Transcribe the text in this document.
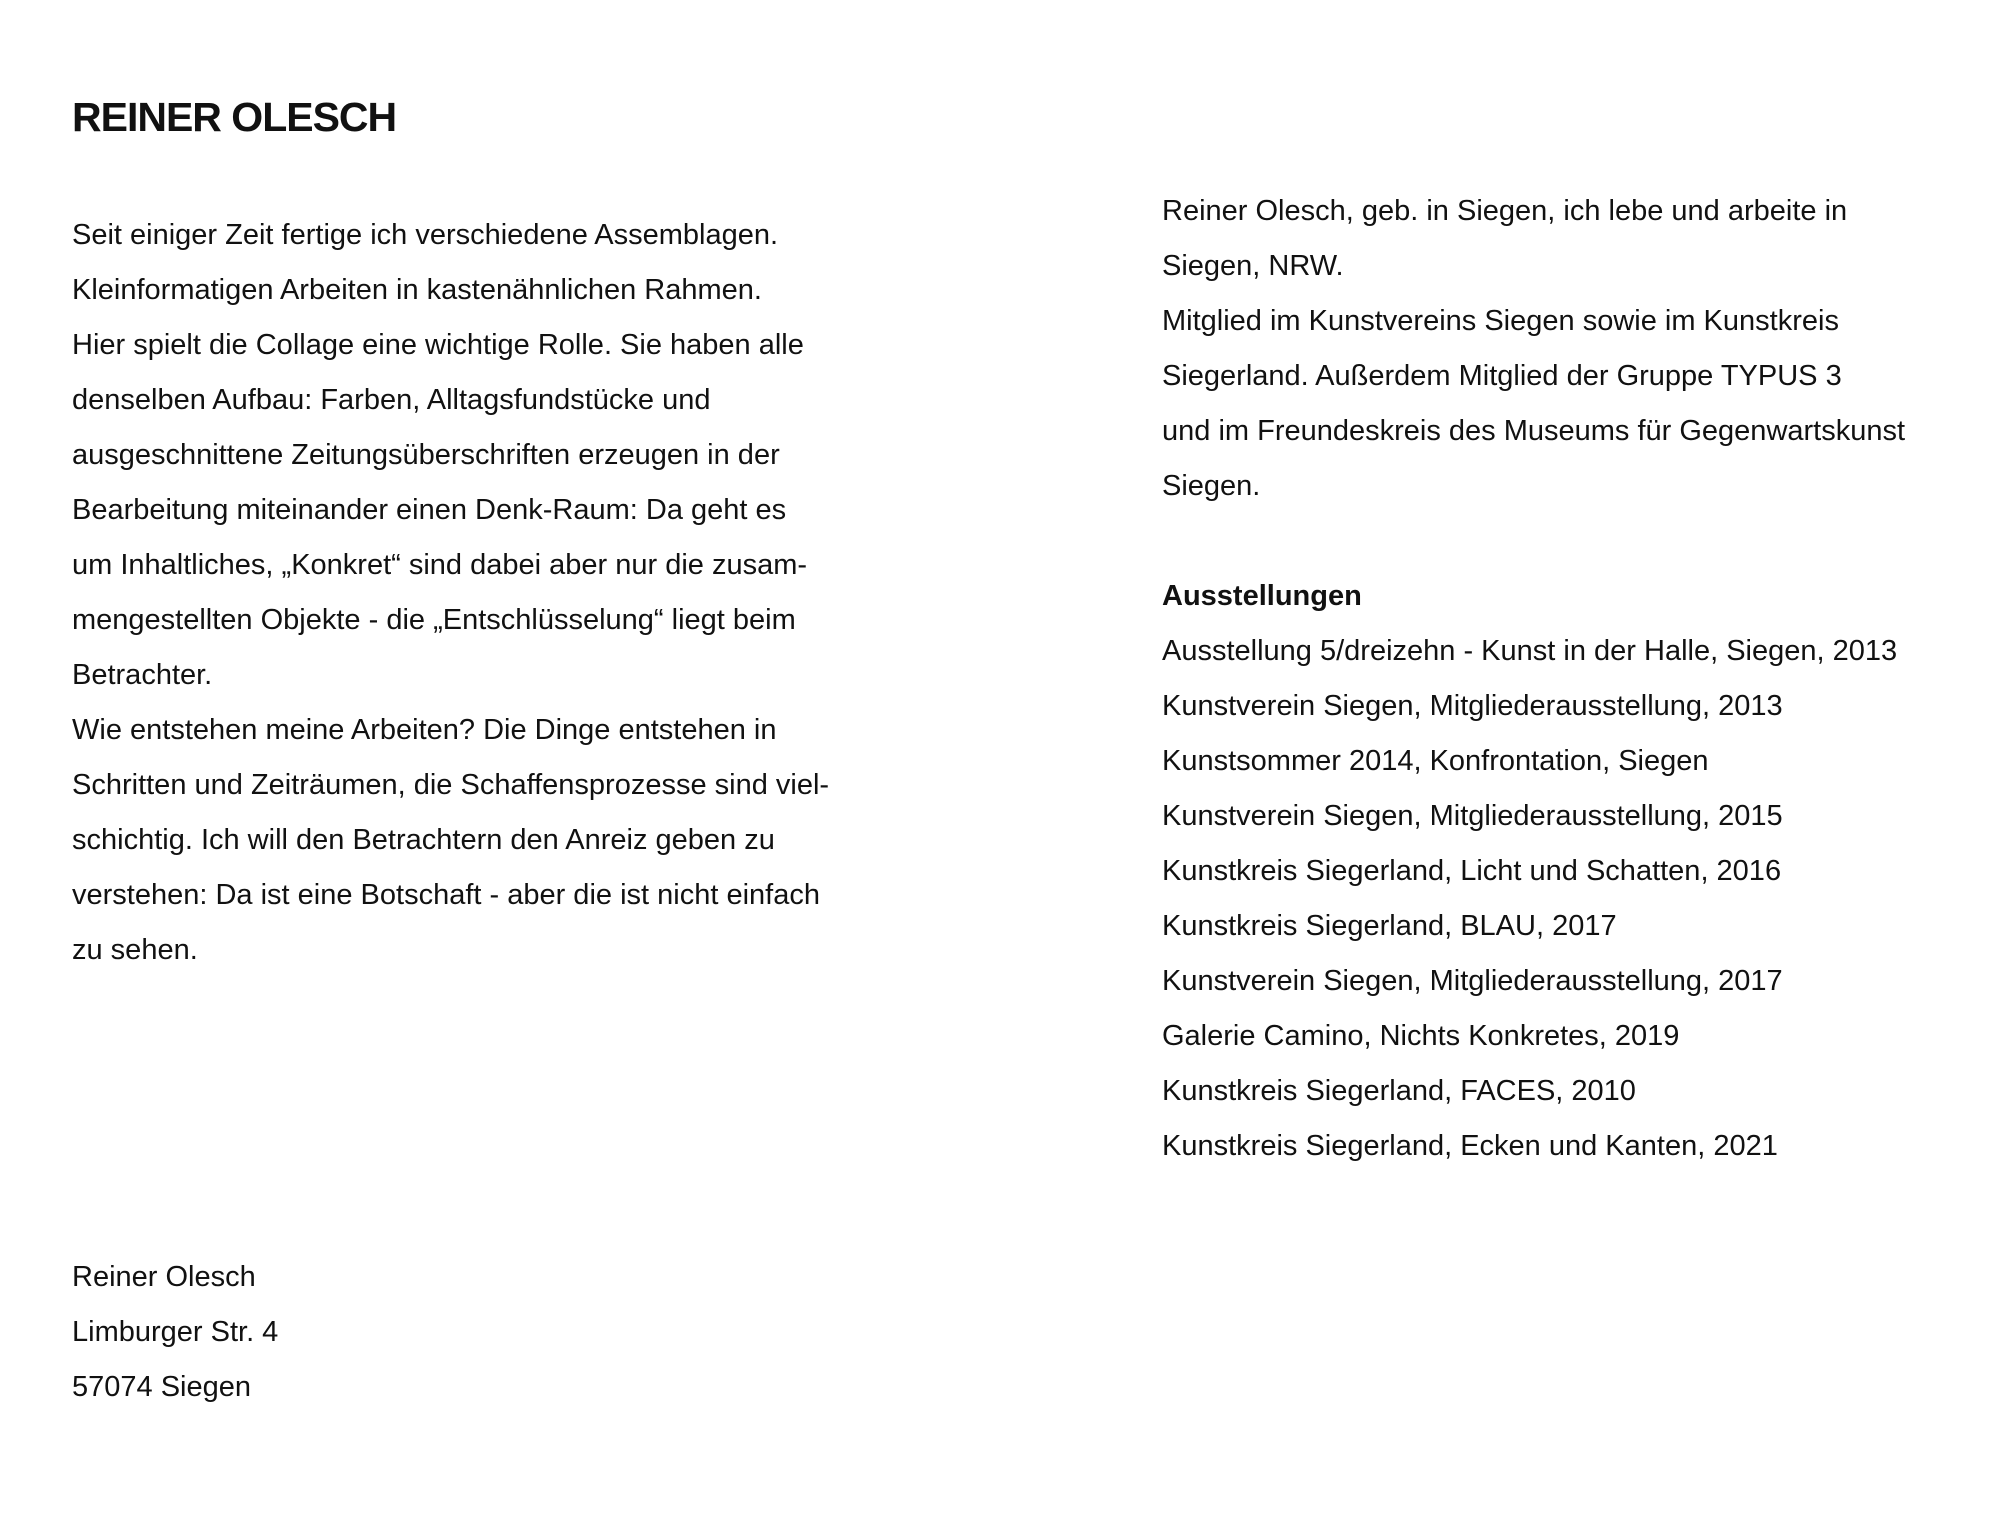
REINER OLESCH
Seit einiger Zeit fertige ich verschiedene Assemblagen.
Kleinformatigen Arbeiten in kastenähnlichen Rahmen.
Hier spielt die Collage eine wichtige Rolle. Sie haben alle
denselben Aufbau: Farben, Alltagsfundstücke und
ausgeschnittene Zeitungsüberschriften erzeugen in der
Bearbeitung miteinander einen Denk-Raum: Da geht es
um Inhaltliches, „Konkret“ sind dabei aber nur die zusam-
mengestellten Objekte - die „Entschlüsselung“ liegt beim
Betrachter.
Wie entstehen meine Arbeiten? Die Dinge entstehen in
Schritten und Zeiträumen, die Schaffensprozesse sind viel-
schichtig. Ich will den Betrachtern den Anreiz geben zu
verstehen: Da ist eine Botschaft - aber die ist nicht einfach
zu sehen.
Reiner Olesch, geb. in Siegen, ich lebe und arbeite in
Siegen, NRW.
Mitglied im Kunstvereins Siegen sowie im Kunstkreis
Siegerland. Außerdem Mitglied der Gruppe TYPUS 3
und im Freundeskreis des Museums für Gegenwartskunst
Siegen.
Ausstellungen
Ausstellung 5/dreizehn - Kunst in der Halle, Siegen, 2013
Kunstverein Siegen, Mitgliederausstellung, 2013
Kunstsommer 2014, Konfrontation, Siegen
Kunstverein Siegen, Mitgliederausstellung, 2015
Kunstkreis Siegerland, Licht und Schatten, 2016
Kunstkreis Siegerland, BLAU, 2017
Kunstverein Siegen, Mitgliederausstellung, 2017
Galerie Camino, Nichts Konkretes, 2019
Kunstkreis Siegerland, FACES, 2010
Kunstkreis Siegerland, Ecken und Kanten, 2021
Reiner Olesch
Limburger Str. 4
57074 Siegen
